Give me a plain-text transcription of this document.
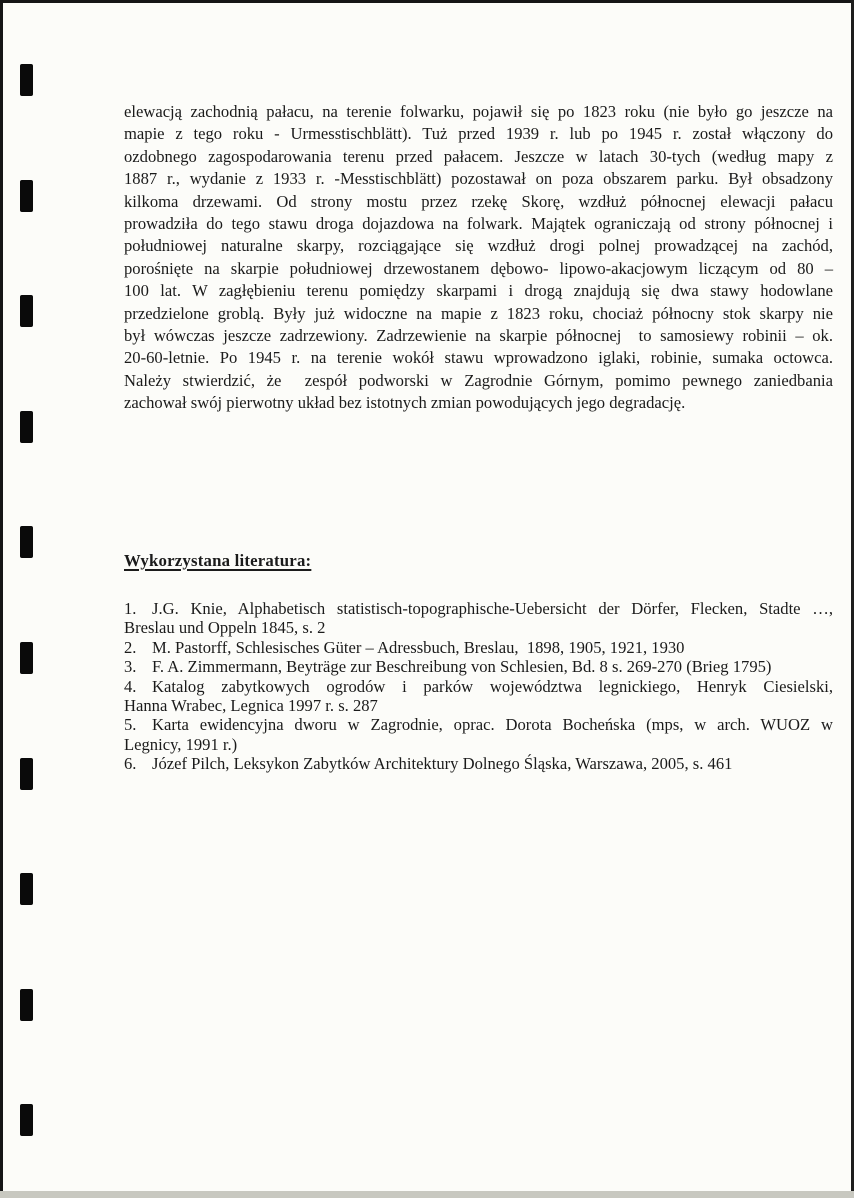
elewacją zachodnią pałacu, na terenie folwarku, pojawił się po 1823 roku (nie było go jeszcze na
mapie z tego roku - Urmesstischblätt). Tuż przed 1939 r. lub po 1945 r. został włączony do
ozdobnego zagospodarowania terenu przed pałacem. Jeszcze w latach 30-tych (według mapy z
1887 r., wydanie z 1933 r. -Messtischblätt) pozostawał on poza obszarem parku. Był obsadzony
kilkoma drzewami. Od strony mostu przez rzekę Skorę, wzdłuż północnej elewacji pałacu
prowadziła do tego stawu droga dojazdowa na folwark. Majątek ograniczają od strony północnej i
południowej naturalne skarpy, rozciągające się wzdłuż drogi polnej prowadzącej na zachód,
porośnięte na skarpie południowej drzewostanem dębowo- lipowo-akacjowym liczącym od 80 –
100 lat. W zagłębieniu terenu pomiędzy skarpami i drogą znajdują się dwa stawy hodowlane
przedzielone groblą. Były już widoczne na mapie z 1823 roku, chociaż północny stok skarpy nie
był wówczas jeszcze zadrzewiony. Zadrzewienie na skarpie północnej  to samosiewy robinii – ok.
20-60-letnie. Po 1945 r. na terenie wokół stawu wprowadzono iglaki, robinie, sumaka octowca.
Należy stwierdzić, że  zespół podworski w Zagrodnie Górnym, pomimo pewnego zaniedbania
zachował swój pierwotny układ bez istotnych zmian powodujących jego degradację.
Wykorzystana literatura:
1. J.G. Knie, Alphabetisch statistisch-topographische-Uebersicht der Dörfer, Flecken, Stadte …,
Breslau und Oppeln 1845, s. 2
2. M. Pastorff, Schlesisches Güter – Adressbuch, Breslau,  1898, 1905, 1921, 1930
3. F. A. Zimmermann, Beyträge zur Beschreibung von Schlesien, Bd. 8 s. 269-270 (Brieg 1795)
4. Katalog zabytkowych ogrodów i parków województwa legnickiego, Henryk Ciesielski,
Hanna Wrabec, Legnica 1997 r. s. 287
5. Karta ewidencyjna dworu w Zagrodnie, oprac. Dorota Bocheńska (mps, w arch. WUOZ w
Legnicy, 1991 r.)
6. Józef Pilch, Leksykon Zabytków Architektury Dolnego Śląska, Warszawa, 2005, s. 461
